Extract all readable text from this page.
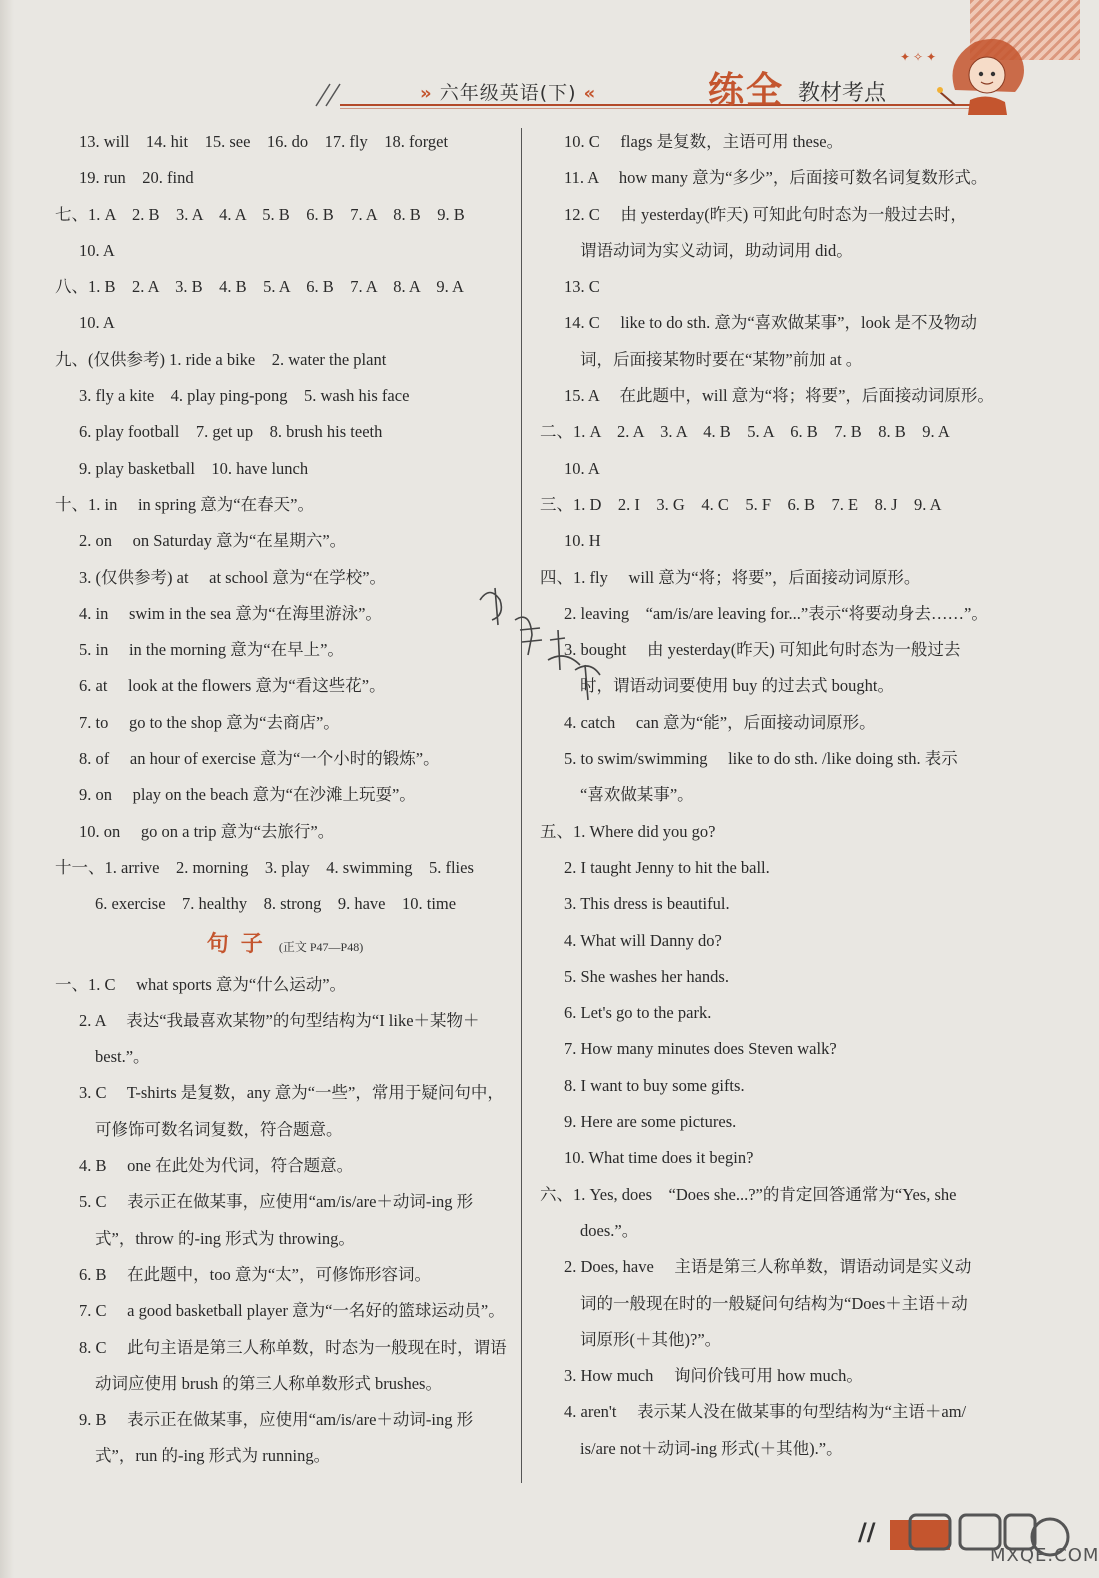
» 六年级英语(下) «	练全 教材考点
✦ ✧ ✦
13. will　14. hit　15. see　16. do　17. fly　18. forget
19. run　20. find
七、1. A　2. B　3. A　4. A　5. B　6. B　7. A　8. B　9. B
10. A
八、1. B　2. A　3. B　4. B　5. A　6. B　7. A　8. A　9. A
10. A
九、(仅供参考) 1. ride a bike　2. water the plant
3. fly a kite　4. play ping-pong　5. wash his face
6. play football　7. get up　8. brush his teeth
9. play basketball　10. have lunch
十、1. in　 in spring 意为“在春天”。
2. on　 on Saturday 意为“在星期六”。
3. (仅供参考) at　 at school 意为“在学校”。
4. in　 swim in the sea 意为“在海里游泳”。
5. in　 in the morning 意为“在早上”。
6. at　 look at the flowers 意为“看这些花”。
7. to　 go to the shop 意为“去商店”。
8. of　 an hour of exercise 意为“一个小时的锻炼”。
9. on　 play on the beach 意为“在沙滩上玩耍”。
10. on　 go on a trip 意为“去旅行”。
十一、1. arrive　2. morning　3. play　4. swimming　5. flies
6. exercise　7. healthy　8. strong　9. have　10. time
句子 (正文 P47—P48)
一、1. C　 what sports 意为“什么运动”。
2. A　 表达“我最喜欢某物”的句型结构为“I like＋某物＋
best.”。
3. C　 T-shirts 是复数，any 意为“一些”，常用于疑问句中，
可修饰可数名词复数，符合题意。
4. B　 one 在此处为代词，符合题意。
5. C　 表示正在做某事，应使用“am/is/are＋动词-ing 形
式”，throw 的-ing 形式为 throwing。
6. B　 在此题中，too 意为“太”，可修饰形容词。
7. C　 a good basketball player 意为“一名好的篮球运动员”。
8. C　 此句主语是第三人称单数，时态为一般现在时，谓语
动词应使用 brush 的第三人称单数形式 brushes。
9. B　 表示正在做某事，应使用“am/is/are＋动词-ing 形
式”，run 的-ing 形式为 running。
10. C　 flags 是复数，主语可用 these。
11. A　 how many 意为“多少”，后面接可数名词复数形式。
12. C　 由 yesterday(昨天) 可知此句时态为一般过去时，
谓语动词为实义动词，助动词用 did。
13. C
14. C　 like to do sth. 意为“喜欢做某事”，look 是不及物动
词，后面接某物时要在“某物”前加 at 。
15. A　 在此题中，will 意为“将；将要”，后面接动词原形。
二、1. A　2. A　3. A　4. B　5. A　6. B　7. B　8. B　9. A
10. A
三、1. D　2. I　3. G　4. C　5. F　6. B　7. E　8. J　9. A
10. H
四、1. fly　 will 意为“将；将要”，后面接动词原形。
2. leaving　“am/is/are leaving for...”表示“将要动身去……”。
3. bought　 由 yesterday(昨天) 可知此句时态为一般过去
时，谓语动词要使用 buy 的过去式 bought。
4. catch　 can 意为“能”，后面接动词原形。
5. to swim/swimming　 like to do sth. /like doing sth. 表示
“喜欢做某事”。
五、1. Where did you go?
2. I taught Jenny to hit the ball.
3. This dress is beautiful.
4. What will Danny do?
5. She washes her hands.
6. Let's go to the park.
7. How many minutes does Steven walk?
8. I want to buy some gifts.
9. Here are some pictures.
10. What time does it begin?
六、1. Yes, does　“Does she...?”的肯定回答通常为“Yes, she
does.”。
2. Does, have　 主语是第三人称单数，谓语动词是实义动
词的一般现在时的一般疑问句结构为“Does＋主语＋动
词原形(＋其他)?”。
3. How much　 询问价钱可用 how much。
4. aren't　 表示某人没在做某事的句型结构为“主语＋am/
is/are not＋动词-ing 形式(＋其他).”。
//
MXQE.COM
